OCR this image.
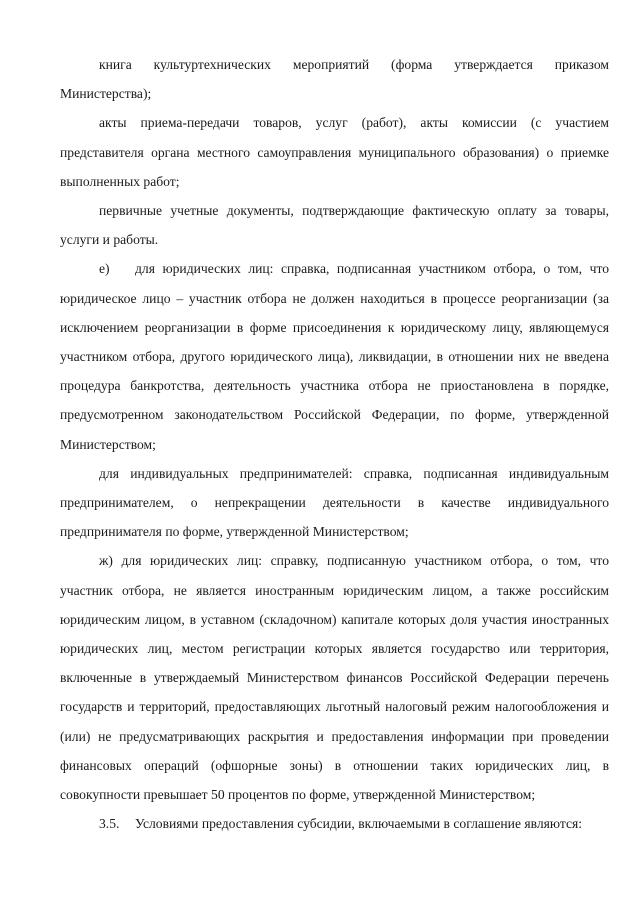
книга культуртехнических мероприятий (форма утверждается приказом Министерства);

акты приема-передачи товаров, услуг (работ), акты комиссии (с участием представителя органа местного самоуправления муниципального образования) о приемке выполненных работ;

первичные учетные документы, подтверждающие фактическую оплату за товары, услуги и работы.

е) для юридических лиц: справка, подписанная участником отбора, о том, что юридическое лицо – участник отбора не должен находиться в процессе реорганизации (за исключением реорганизации в форме присоединения к юридическому лицу, являющемуся участником отбора, другого юридического лица), ликвидации, в отношении них не введена процедура банкротства, деятельность участника отбора не приостановлена в порядке, предусмотренном законодательством Российской Федерации, по форме, утвержденной Министерством;

для индивидуальных предпринимателей: справка, подписанная индивидуальным предпринимателем, о непрекращении деятельности в качестве индивидуального предпринимателя по форме, утвержденной Министерством;

ж) для юридических лиц: справку, подписанную участником отбора, о том, что участник отбора, не является иностранным юридическим лицом, а также российским юридическим лицом, в уставном (складочном) капитале которых доля участия иностранных юридических лиц, местом регистрации которых является государство или территория, включенные в утверждаемый Министерством финансов Российской Федерации перечень государств и территорий, предоставляющих льготный налоговый режим налогообложения и (или) не предусматривающих раскрытия и предоставления информации при проведении финансовых операций (офшорные зоны) в отношении таких юридических лиц, в совокупности превышает 50 процентов по форме, утвержденной Министерством;

3.5. Условиями предоставления субсидии, включаемыми в соглашение являются:
